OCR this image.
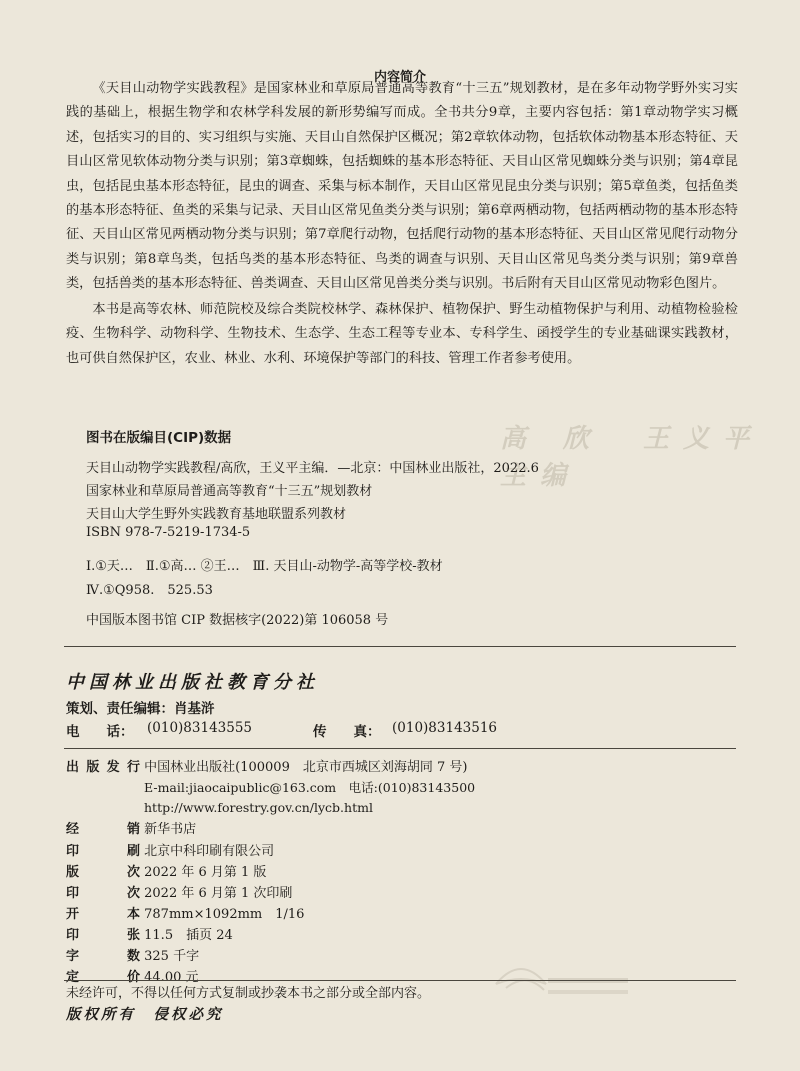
高 欣　王义平 主编
内容简介

《天目山动物学实践教程》是国家林业和草原局普通高等教育“十三五”规划教材，是在多年动物学野外实习实践的基础上，根据生物学和农林学科发展的新形势编写而成。全书共分9章，主要内容包括：第1章动物学实习概述，包括实习的目的、实习组织与实施、天目山自然保护区概况；第2章软体动物，包括软体动物基本形态特征、天目山区常见软体动物分类与识别；第3章蜘蛛，包括蜘蛛的基本形态特征、天目山区常见蜘蛛分类与识别；第4章昆虫，包括昆虫基本形态特征，昆虫的调查、采集与标本制作，天目山区常见昆虫分类与识别；第5章鱼类，包括鱼类的基本形态特征、鱼类的采集与记录、天目山区常见鱼类分类与识别；第6章两栖动物，包括两栖动物的基本形态特征、天目山区常见两栖动物分类与识别；第7章爬行动物，包括爬行动物的基本形态特征、天目山区常见爬行动物分类与识别；第8章鸟类，包括鸟类的基本形态特征、鸟类的调查与识别、天目山区常见鸟类分类与识别；第9章兽类，包括兽类的基本形态特征、兽类调查、天目山区常见兽类分类与识别。书后附有天目山区常见动物彩色图片。

本书是高等农林、师范院校及综合类院校林学、森林保护、植物保护、野生动植物保护与利用、动植物检验检疫、生物科学、动物科学、生物技术、生态学、生态工程等专业本、专科学生、函授学生的专业基础课实践教材，也可供自然保护区，农业、林业、水利、环境保护等部门的科技、管理工作者参考使用。

图书在版编目(CIP)数据
天目山动物学实践教程/高欣，王义平主编．—北京：中国林业出版社，2022.6
国家林业和草原局普通高等教育“十三五”规划教材
天目山大学生野外实践教育基地联盟系列教材
ISBN 978-7-5219-1734-5
Ⅰ.①天…　Ⅱ.①高… ②王…　Ⅲ. 天目山-动物学-高等学校-教材
Ⅳ.①Q958.　525.53
中国版本图书馆 CIP 数据核字(2022)第 106058 号
中国林业出版社教育分社
策划、责任编辑：肖基浒
电　　话： (010)83143555	传　　真： (010)83143516
出版发行 中国林业出版社(100009　北京市西城区刘海胡同 7 号)
E-mail:jiaocaipublic@163.com　电话:(010)83143500
http://www.forestry.gov.cn/lycb.html
经销 新华书店
印刷 北京中科印刷有限公司
版次 2022 年 6 月第 1 版
印次 2022 年 6 月第 1 次印刷
开本 787mm×1092mm　1/16
印张 11.5　插页 24
字数 325 千字
定价 44.00 元
未经许可，不得以任何方式复制或抄袭本书之部分或全部内容。
版权所有　侵权必究
